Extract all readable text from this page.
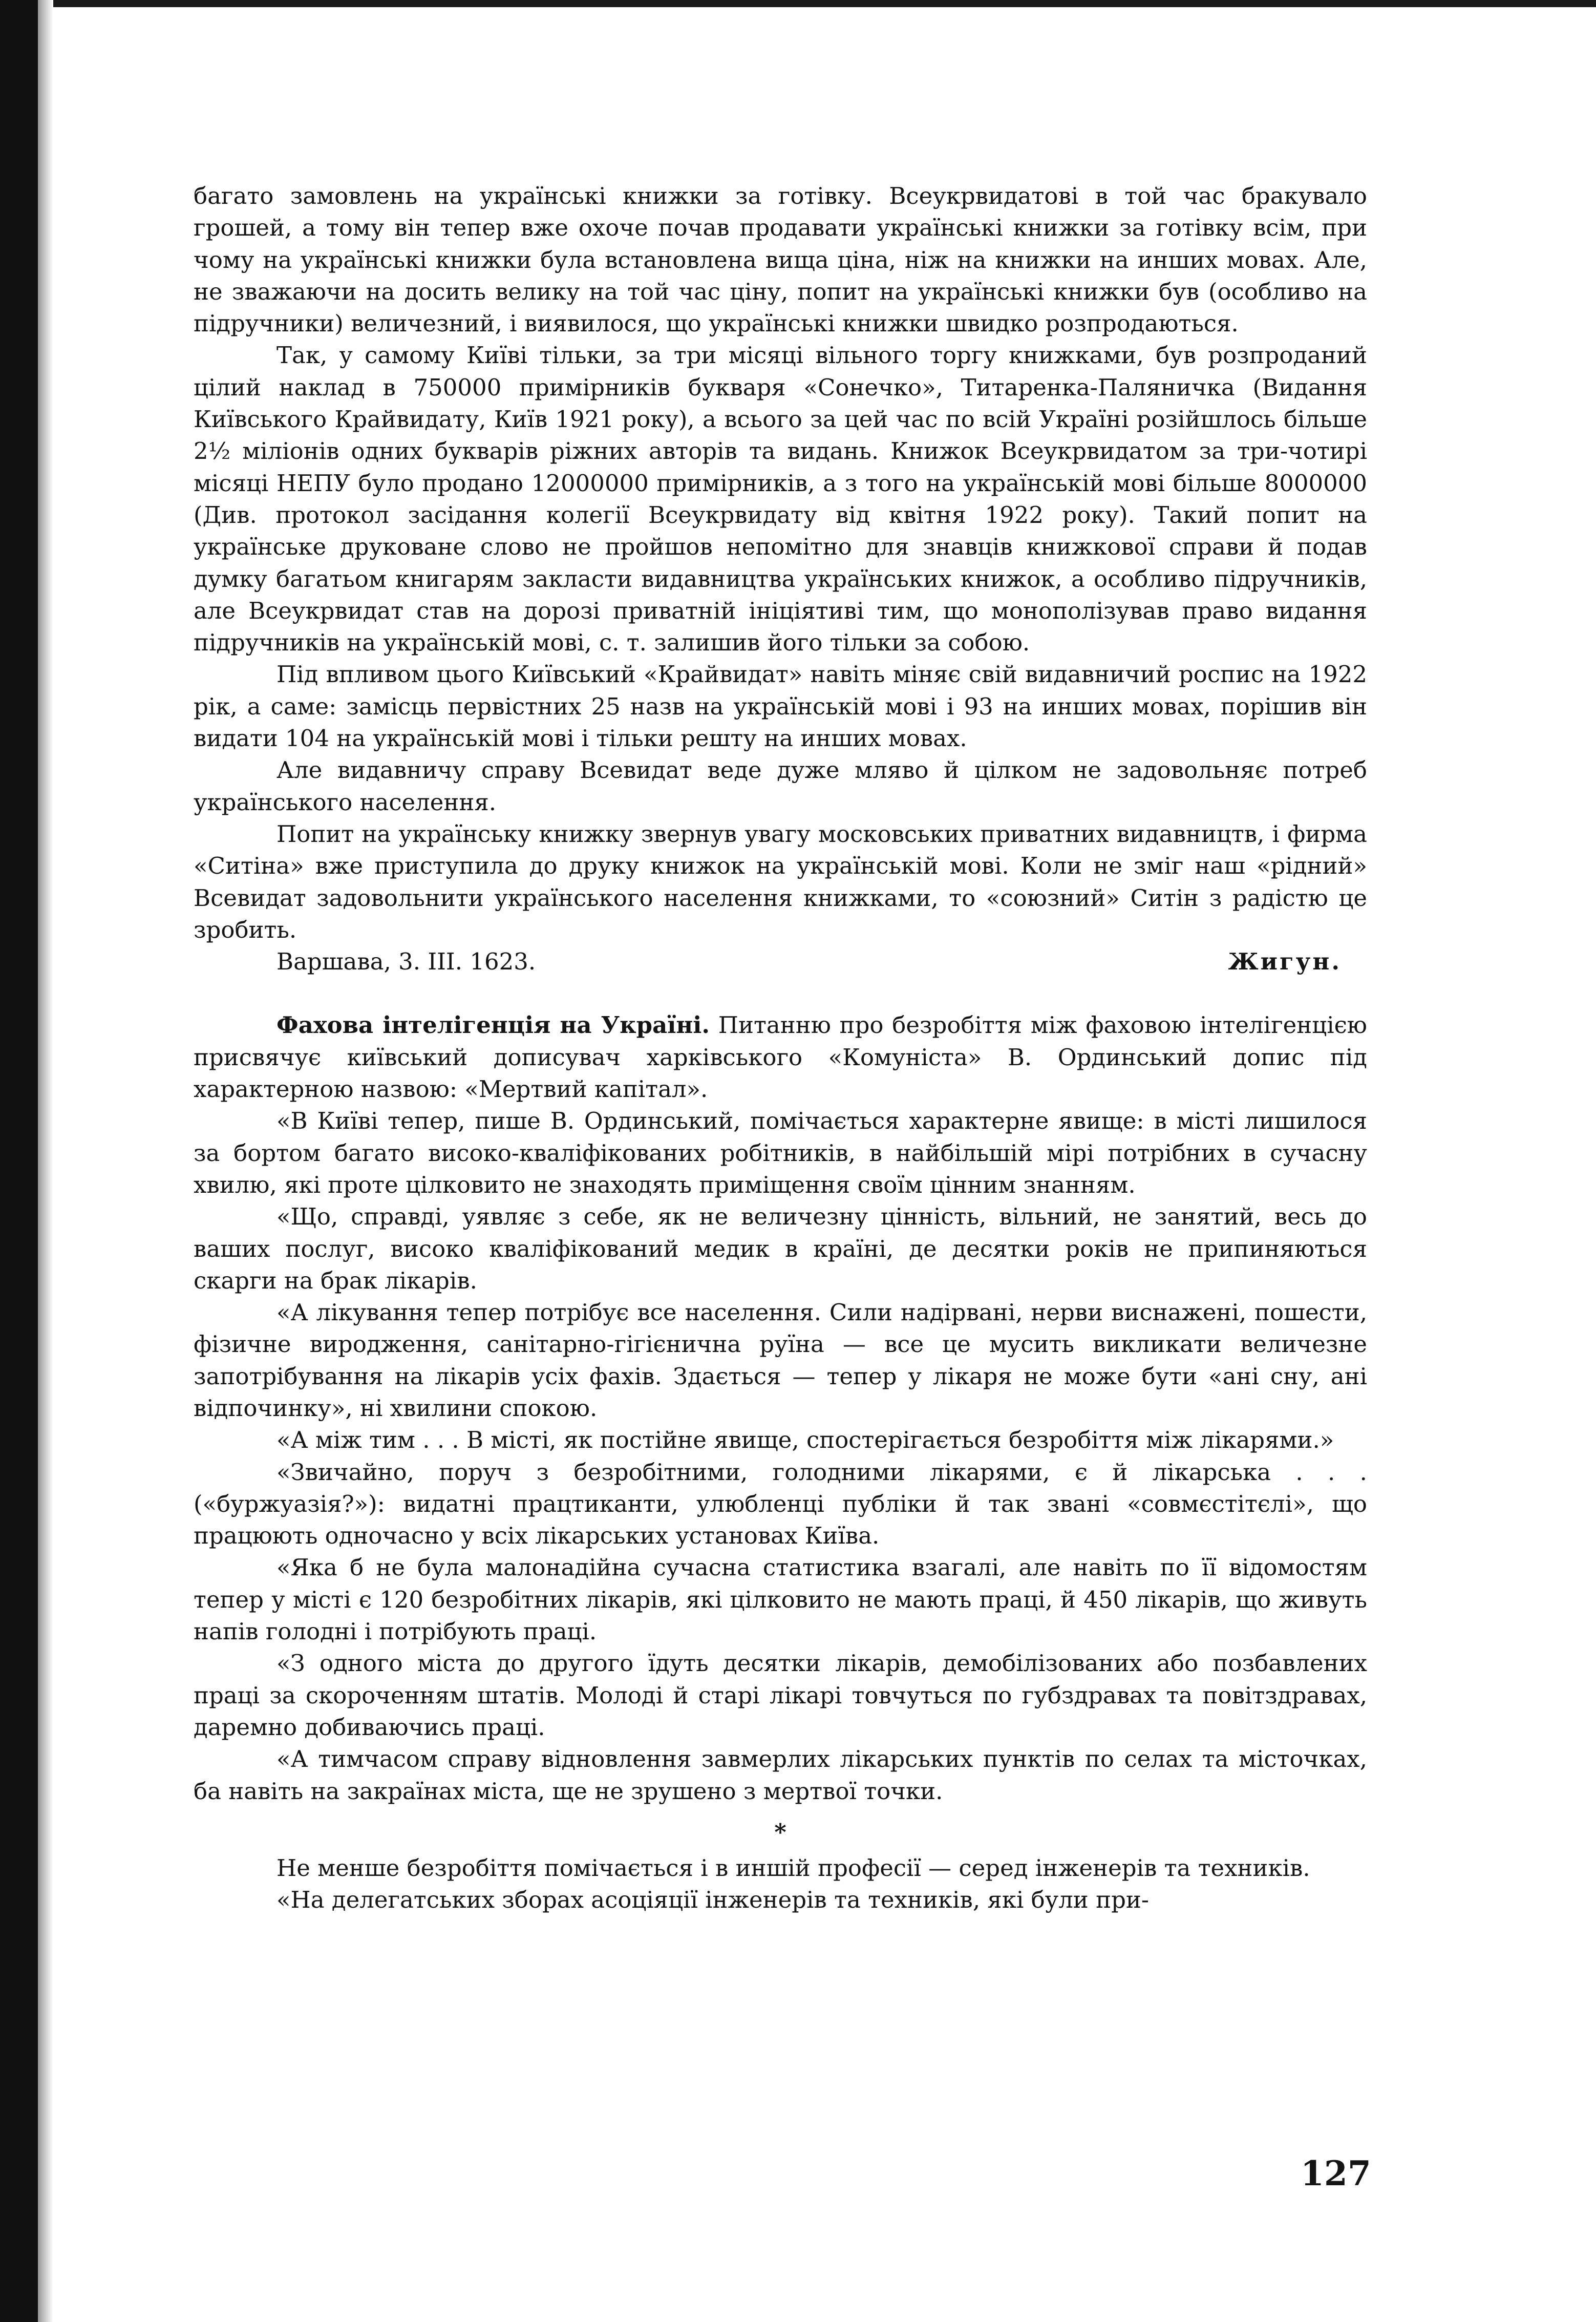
багато замовлень на українські книжки за готівку. Всеукрвидатові в той час бракувало грошей, а тому він тепер вже охоче почав продавати українські книжки за готівку всім, при чому на українські книжки була встановлена вища ціна, ніж на книжки на инших мовах. Але, не зважаючи на досить велику на той час ціну, попит на українські книжки був (особливо на підручники) величезний, і виявилося, що українські книжки швидко розпродаються.

Так, у самому Київі тільки, за три місяці вільного торгу книжками, був розпроданий цілий наклад в 750000 примірників букваря «Сонечко», Титаренка-Паляничка (Видання Київського Крайвидату, Київ 1921 року), а всього за цей час по всій Україні розійшлось більше 2½ міліонів одних букварів ріжних авторів та видань. Книжок Всеукрвидатом за три-чотирі місяці НЕПУ було продано 12000000 примірників, а з того на українській мові більше 8000000 (Див. протокол засідання колегії Всеукрвидату від квітня 1922 року). Такий попит на українське друковане слово не пройшов непомітно для знавців книжкової справи й подав думку багатьом книгарям закласти видавництва українських книжок, а особливо підручників, але Всеукрвидат став на дорозі приватній ініціятиві тим, що монополізував право видання підручників на українській мові, с. т. залишив його тільки за собою.

Під впливом цього Київський «Крайвидат» навіть міняє свій видавничий роспис на 1922 рік, а саме: замісць первістних 25 назв на українській мові і 93 на инших мовах, порішив він видати 104 на українській мові і тільки решту на инших мовах.

Але видавничу справу Всевидат веде дуже мляво й цілком не задовольняє потреб українського населення.

Попит на українську книжку звернув увагу московських приватних видавництв, і фирма «Ситіна» вже приступила до друку книжок на українській мові. Коли не зміг наш «рідний» Всевидат задовольнити українського населення книжками, то «союзний» Ситін з радістю це зробить.

Варшава, 3. III. 1623.	Жигун.

Фахова інтелігенція на Україні. Питанню про безробіття між фаховою інтелігенцією присвячує київський дописувач харківського «Комуніста» В. Ординський допис під характерною назвою: «Мертвий капітал».

«В Київі тепер, пише В. Ординський, помічається характерне явище: в місті лишилося за бортом багато високо-кваліфікованих робітників, в найбільшій мірі потрібних в сучасну хвилю, які проте цілковито не знаходять приміщення своїм цінним знанням.

«Що, справді, уявляє з себе, як не величезну цінність, вільний, не занятий, весь до ваших послуг, високо кваліфікований медик в країні, де десятки років не припиняються скарги на брак лікарів.

«А лікування тепер потрібує все населення. Сили надірвані, нерви виснажені, пошести, фізичне виродження, санітарно-гігієнична руїна — все це мусить викликати величезне запотрібування на лікарів усіх фахів. Здається — тепер у лікаря не може бути «ані сну, ані відпочинку», ні хвилини спокою.

«А між тим . . . В місті, як постійне явище, спостерігається безробіття між лікарями.»

«Звичайно, поруч з безробітними, голодними лікарями, є й лікарська . . . («буржуазія?»): видатні працтиканти, улюбленці публіки й так звані «совмєстітєлі», що працюють одночасно у всіх лікарських установах Київа.

«Яка б не була малонадійна сучасна статистика взагалі, але навіть по її відомостям тепер у місті є 120 безробітних лікарів, які цілковито не мають праці, й 450 лікарів, що живуть напів голодні і потрібують праці.

«З одного міста до другого їдуть десятки лікарів, демобілізованих або позбавлених праці за скороченням штатів. Молоді й старі лікарі товчуться по губздравах та повітздравах, даремно добиваючись праці.

«А тимчасом справу відновлення завмерлих лікарських пунктів по селах та місточках, ба навіть на закраїнах міста, ще не зрушено з мертвої точки.

*

Не менше безробіття помічається і в иншій професії — серед інженерів та техників.

«На делегатських зборах асоціяції інженерів та техників, які були при-

127
